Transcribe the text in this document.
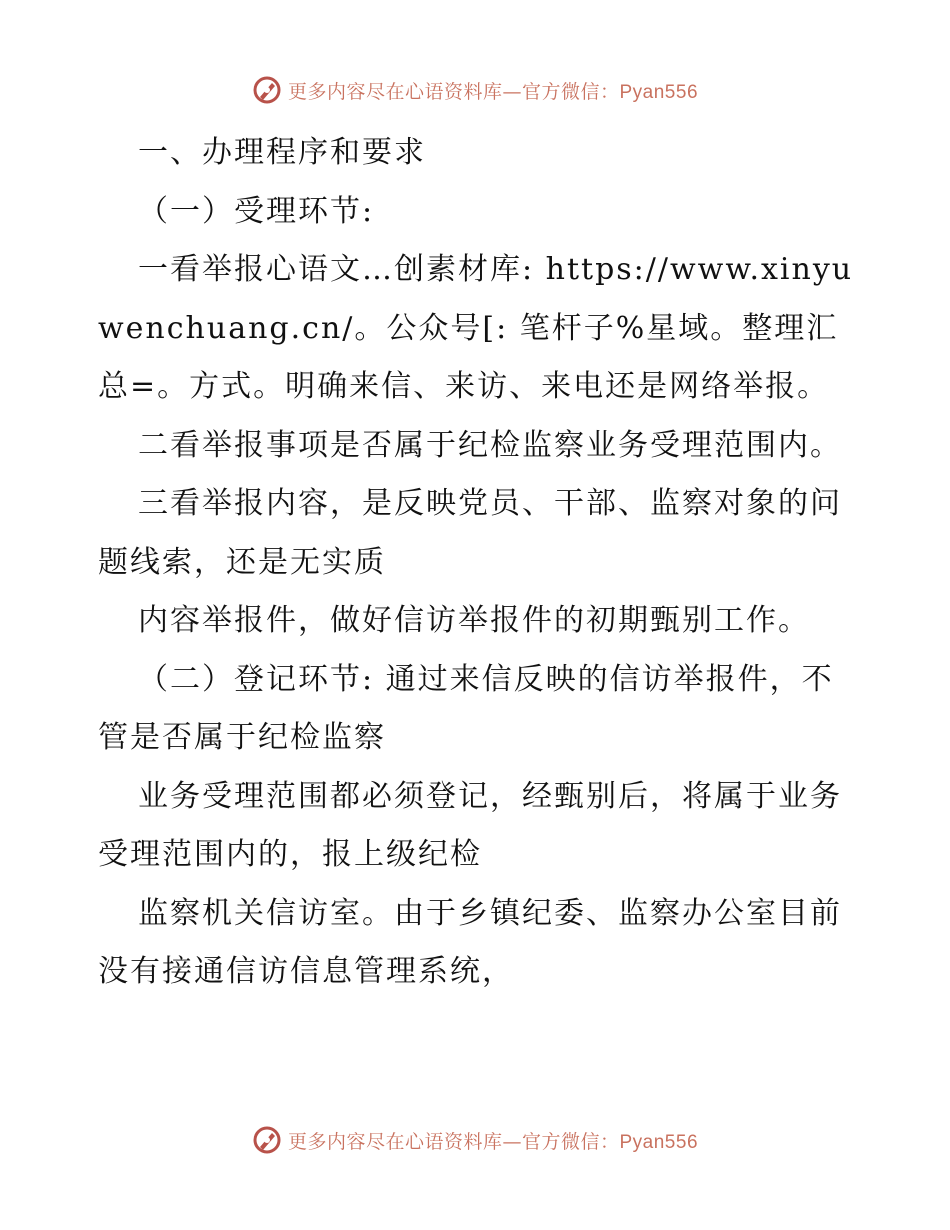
更多内容尽在心语资料库—官方微信：Pyan556

一、办理程序和要求

（一）受理环节:

一看举报心语文…创素材库: https://www.xinyuwenchuang.cn/。公众号[: 笔杆子%星域。整理汇总=。方式。明确来信、来访、来电还是网络举报。

二看举报事项是否属于纪检监察业务受理范围内。

三看举报内容，是反映党员、干部、监察对象的问题线索，还是无实质

内容举报件，做好信访举报件的初期甄别工作。

（二）登记环节: 通过来信反映的信访举报件，不管是否属于纪检监察

业务受理范围都必须登记，经甄别后，将属于业务受理范围内的，报上级纪检

监察机关信访室。由于乡镇纪委、监察办公室目前没有接通信访信息管理系统，

更多内容尽在心语资料库—官方微信：Pyan556
